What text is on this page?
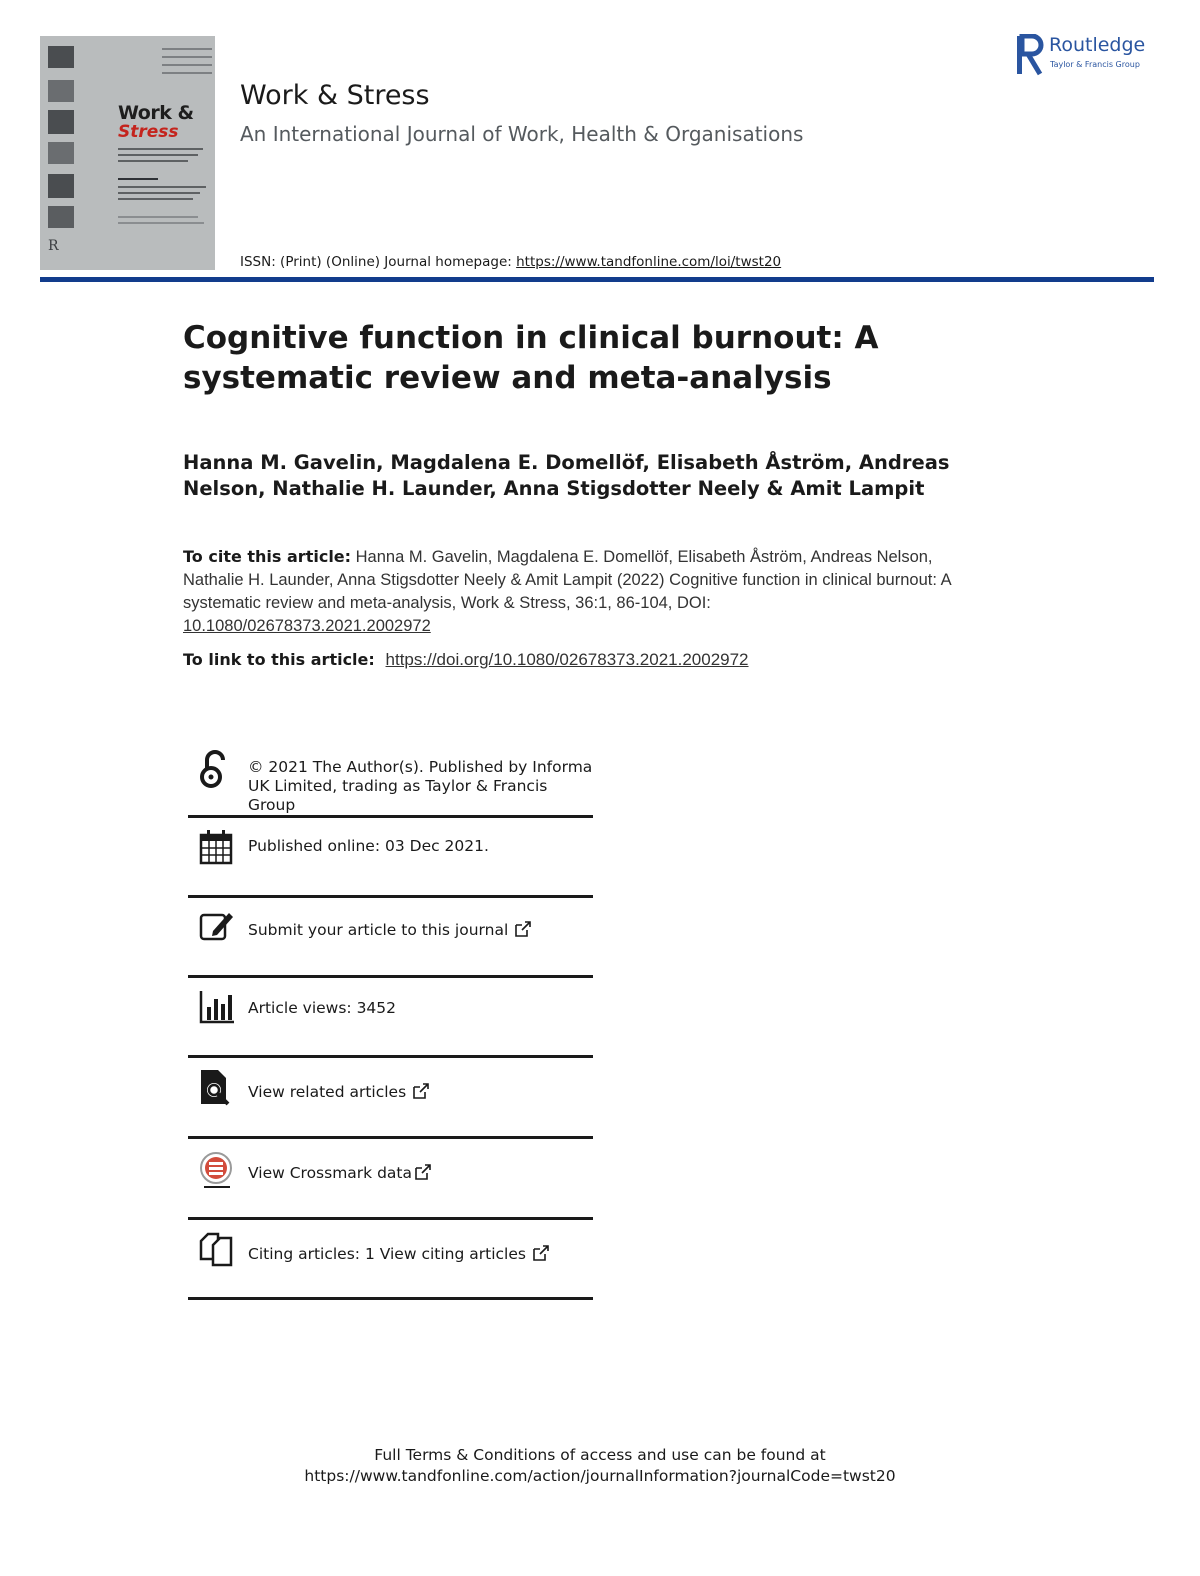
Work &
Stress
R
Work & Stress
An International Journal of Work, Health & Organisations
ISSN: (Print) (Online) Journal homepage: https://www.tandfonline.com/loi/twst20
Routledge
Taylor & Francis Group
Cognitive function in clinical burnout: A systematic review and meta-analysis
Hanna M. Gavelin, Magdalena E. Domellöf, Elisabeth Åström, Andreas Nelson, Nathalie H. Launder, Anna Stigsdotter Neely & Amit Lampit
To cite this article: Hanna M. Gavelin, Magdalena E. Domellöf, Elisabeth Åström, Andreas Nelson, Nathalie H. Launder, Anna Stigsdotter Neely & Amit Lampit (2022) Cognitive function in clinical burnout: A systematic review and meta-analysis, Work & Stress, 36:1, 86-104, DOI:
10.1080/02678373.2021.2002972
To link to this article: https://doi.org/10.1080/02678373.2021.2002972
© 2021 The Author(s). Published by Informa
UK Limited, trading as Taylor & Francis
Group
Published online: 03 Dec 2021.
Submit your article to this journal
Article views: 3452
View related articles
View Crossmark data
Citing articles: 1 View citing articles
Full Terms & Conditions of access and use can be found at
https://www.tandfonline.com/action/journalInformation?journalCode=twst20
